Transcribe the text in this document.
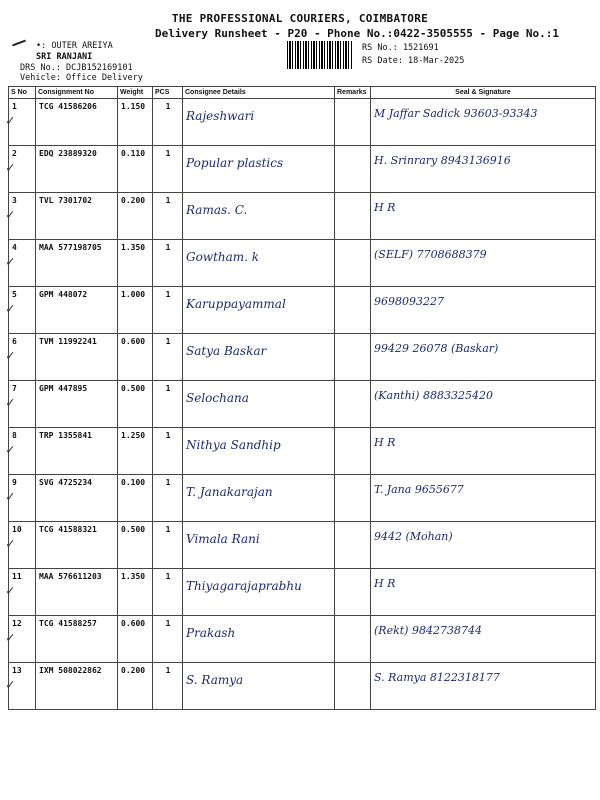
THE PROFESSIONAL COURIERS, COIMBATORE
Delivery Runsheet - P20 - Phone No.:0422-3505555 - Page No.:1
•: OUTER AREIYA
SRI RANJANI
DRS No.: DCJB152169101
Vehicle: Office Delivery
RS No.: 1521691
RS Date: 18-Mar-2025
S No	Consignment No	Weight	PCS	Consignee Details	Remarks	Seal & Signature
1	TCG 41586206	1.150	1	Rajeshwari		M Jaffar Sadick 93603-93343
2	EDQ 23889320	0.110	1	Popular plastics		H. Srinrary 8943136916
3	TVL 7301702	0.200	1	Ramas. C.		H R
4	MAA 577198705	1.350	1	Gowtham. k		(SELF) 7708688379
5	GPM 448072	1.000	1	Karuppayammal		9698093227
6	TVM 11992241	0.600	1	Satya Baskar		99429 26078 (Baskar)
7	GPM 447895	0.500	1	Selochana		(Kanthi) 8883325420
8	TRP 1355841	1.250	1	Nithya Sandhip		H R
9	SVG 4725234	0.100	1	T. Janakarajan		T. Jana 9655677
10	TCG 41588321	0.500	1	Vimala Rani		9442 (Mohan)
11	MAA 576611203	1.350	1	Thiyagarajaprabhu		H R
12	TCG 41588257	0.600	1	Prakash		(Rekt) 9842738744
13	IXM 508022862	0.200	1	S. Ramya		S. Ramya 8122318177
✓
✓
✓
✓
✓
✓
✓
✓
✓
✓
✓
✓
✓
